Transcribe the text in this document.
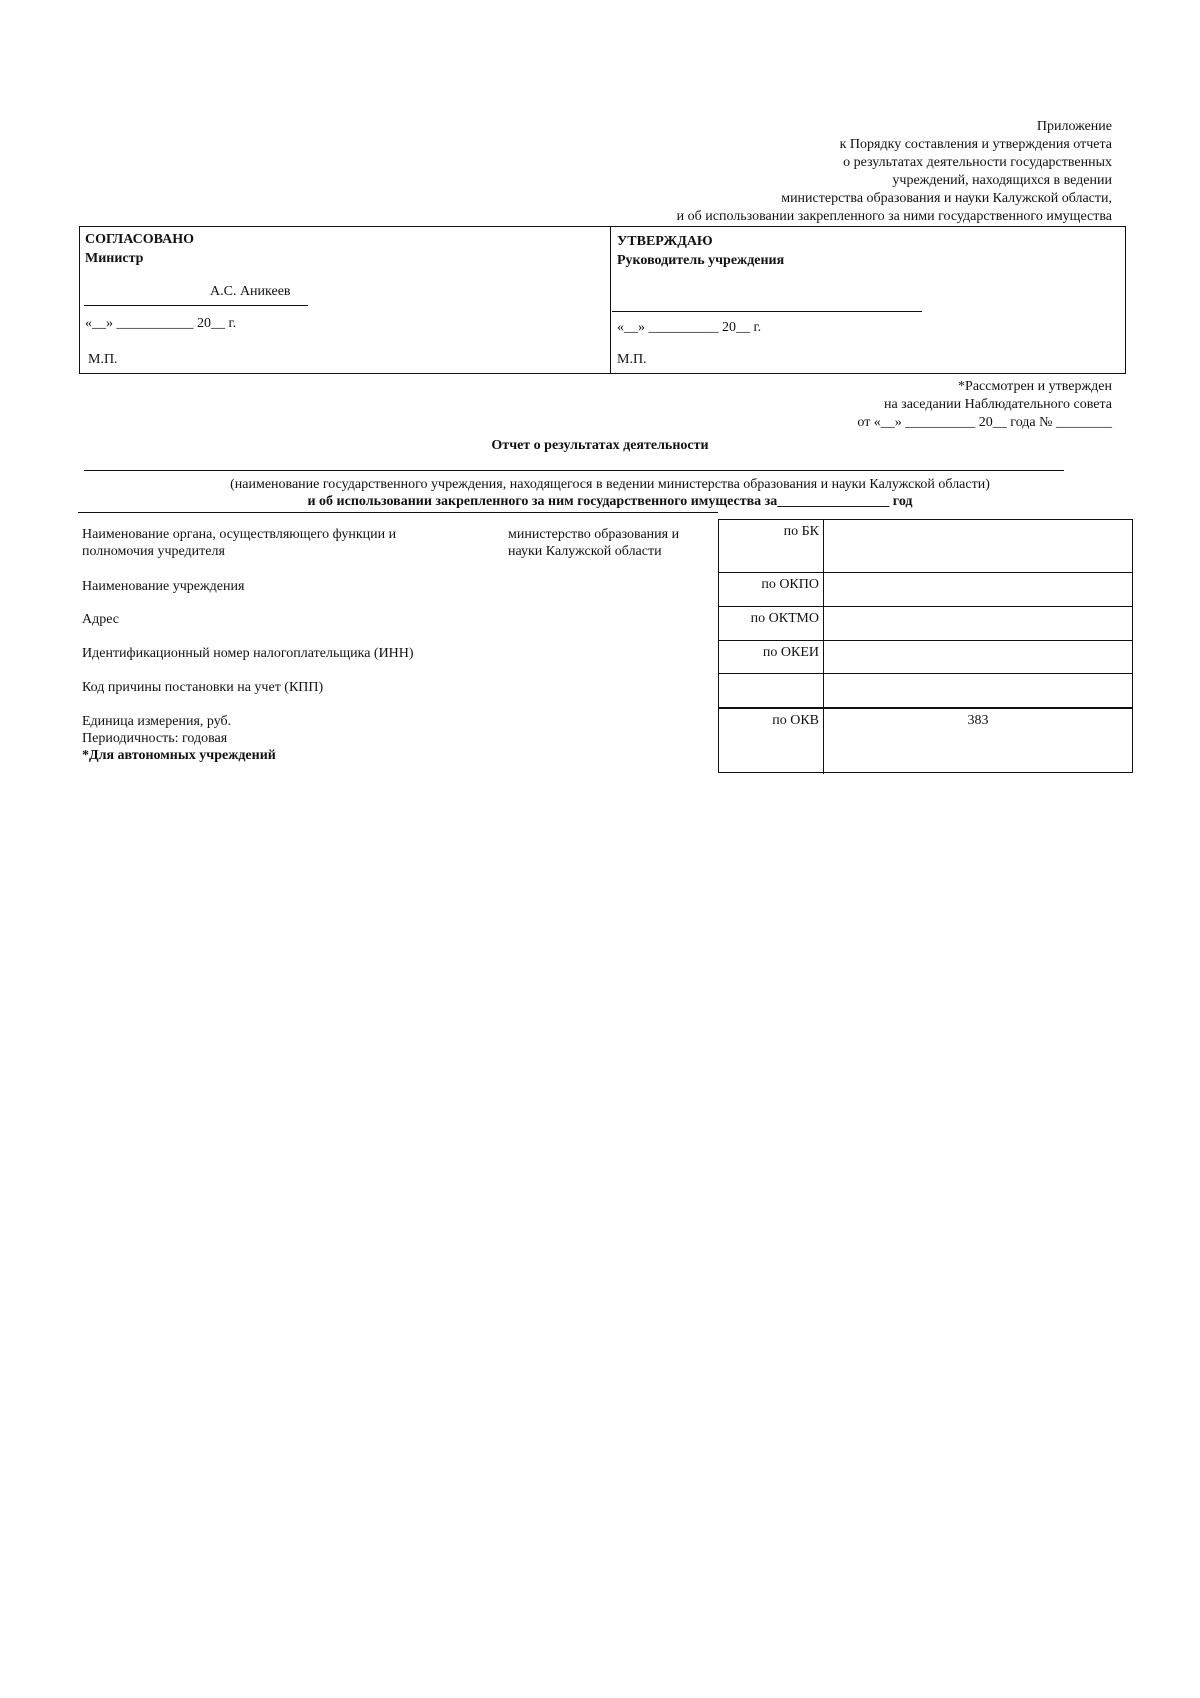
Приложение
к Порядку составления и утверждения отчета
о результатах деятельности государственных
учреждений, находящихся в ведении
министерства образования и науки Калужской области,
и об использовании закрепленного за ними государственного имущества
СОГЛАСОВАНО
Министр
А.С. Аникеев
«__» ___________ 20__ г.
М.П.
УТВЕРЖДАЮ
Руководитель учреждения
«__» __________ 20__ г.
М.П.
*Рассмотрен и утвержден
на заседании Наблюдательного совета
от «__» __________ 20__ года № ________
Отчет о результатах деятельности
(наименование государственного учреждения, находящегося в ведении министерства образования и науки Калужской области)
и об использовании закрепленного за ним государственного имущества за________________ год
Наименование органа, осуществляющего функции и полномочия учредителя
министерство образования и науки Калужской области
Наименование учреждения
Адрес
Идентификационный номер налогоплательщика (ИНН)
Код причины постановки на учет (КПП)
Единица измерения, руб.
Периодичность: годовая
*Для автономных учреждений
по БК
по ОКПО
по ОКТМО
по ОКЕИ
по ОКВ	383
